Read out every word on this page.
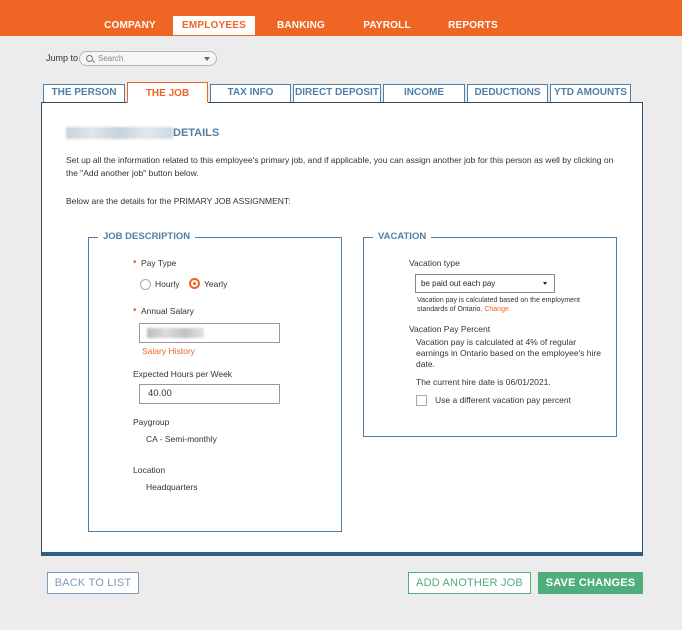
COMPANY	EMPLOYEES	BANKING	PAYROLL	REPORTS
Jump to	Search
THE PERSON	THE JOB	TAX INFO	DIRECT DEPOSIT	INCOME	DEDUCTIONS	YTD AMOUNTS
DETAILS
Set up all the information related to this employee's primary job, and if applicable, you can assign another job for this person as well by clicking on the "Add another job" button below.
Below are the details for the PRIMARY JOB ASSIGNMENT:
JOB DESCRIPTION
• Pay Type
Hourly	Yearly
• Annual Salary
Salary History
Expected Hours per Week
40.00
Paygroup
CA - Semi-monthly
Location
Headquarters
VACATION
Vacation type
be paid out each pay
Vacation pay is calculated based on the employment standards of Ontario. Change
Vacation Pay Percent
Vacation pay is calculated at 4% of regular earnings in Ontario based on the employee's hire date.
The current hire date is 06/01/2021.
Use a different vacation pay percent
BACK TO LIST	ADD ANOTHER JOB	SAVE CHANGES
